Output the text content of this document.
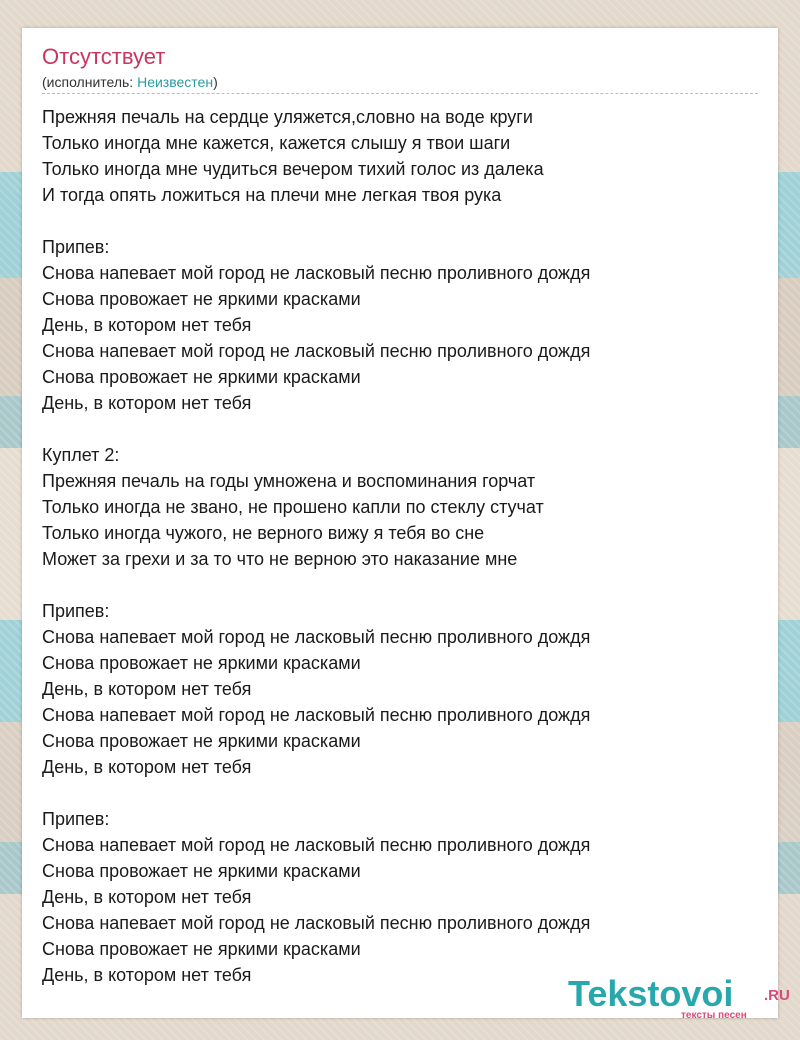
Отсутствует
(исполнитель: Неизвестен)
Прежняя печаль на сердце уляжется,словно на воде круги
Только иногда мне кажется, кажется слышу я твои шаги
Только иногда мне чудиться вечером тихий голос из далека
И тогда опять ложиться на плечи мне легкая твоя рука
Припев:
Снова напевает мой город не ласковый песню проливного дождя
Снова провожает не яркими красками
День, в котором нет тебя
Снова напевает мой город не ласковый песню проливного дождя
Снова провожает не яркими красками
День, в котором нет тебя
Куплет 2:
Прежняя печаль на годы умножена и воспоминания горчат
Только иногда не звано, не прошено капли по стеклу стучат
Только иногда чужого, не верного вижу я тебя во сне
Может за грехи и за то что не верною это наказание мне
Припев:
Снова напевает мой город не ласковый песню проливного дождя
Снова провожает не яркими красками
День, в котором нет тебя
Снова напевает мой город не ласковый песню проливного дождя
Снова провожает не яркими красками
День, в котором нет тебя
Припев:
Снова напевает мой город не ласковый песню проливного дождя
Снова провожает не яркими красками
День, в котором нет тебя
Снова напевает мой город не ласковый песню проливного дождя
Снова провожает не яркими красками
День, в котором нет тебя	Tekstovoi .RU
тексты песен
